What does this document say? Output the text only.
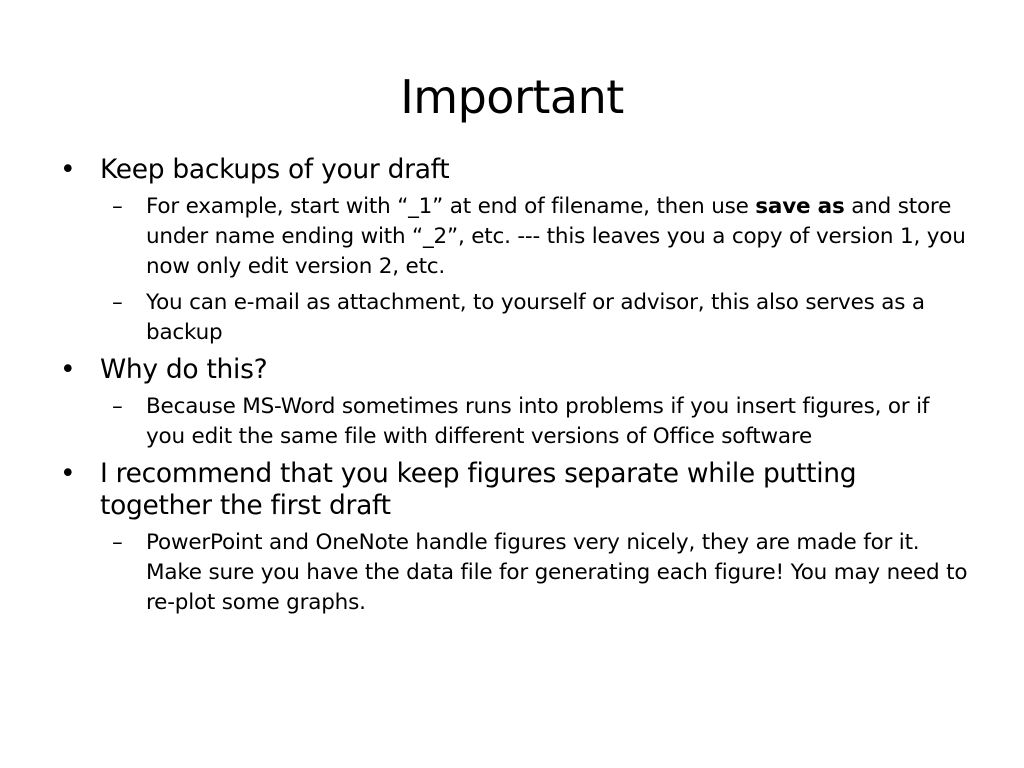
Important
• Keep backups of your draft
–	For example, start with “_1” at end of filename, then use save as and store under name ending with “_2”, etc. --- this leaves you a copy of version 1, you now only edit version 2, etc.
–	You can e-mail as attachment, to yourself or advisor, this also serves as a backup
• Why do this?
–	Because MS-Word sometimes runs into problems if you insert figures, or if you edit the same file with different versions of Office software
• I recommend that you keep figures separate while putting together the first draft
–	PowerPoint and OneNote handle figures very nicely, they are made for it. Make sure you have the data file for generating each figure! You may need to re-plot some graphs.
